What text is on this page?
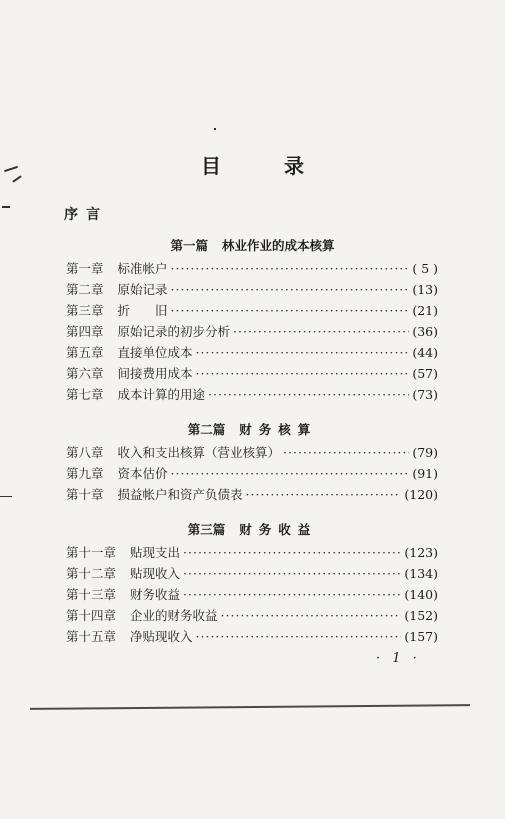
目 录
序言
第一篇 林业作业的成本核算
第一章 标准帐户 ·····	( 5 )
第二章 原始记录 ·····	(13)
第三章 折　　旧 ·····	(21)
第四章 原始记录的初步分析 ·····	(36)
第五章 直接单位成本 ·····	(44)
第六章 间接费用成本 ·····	(57)
第七章 成本计算的用途 ·····	(73)
第二篇 财务核算
第八章 收入和支出核算（营业核算） ·····	(79)
第九章 资本估价 ·····	(91)
第十章 损益帐户和资产负债表 ·····	(120)
第三篇 财务收益
第十一章 贴现支出 ·····	(123)
第十二章 贴现收入 ·····	(134)
第十三章 财务收益 ·····	(140)
第十四章 企业的财务收益 ·····	(152)
第十五章 净贴现收入 ·····	(157)
· 1 ·
